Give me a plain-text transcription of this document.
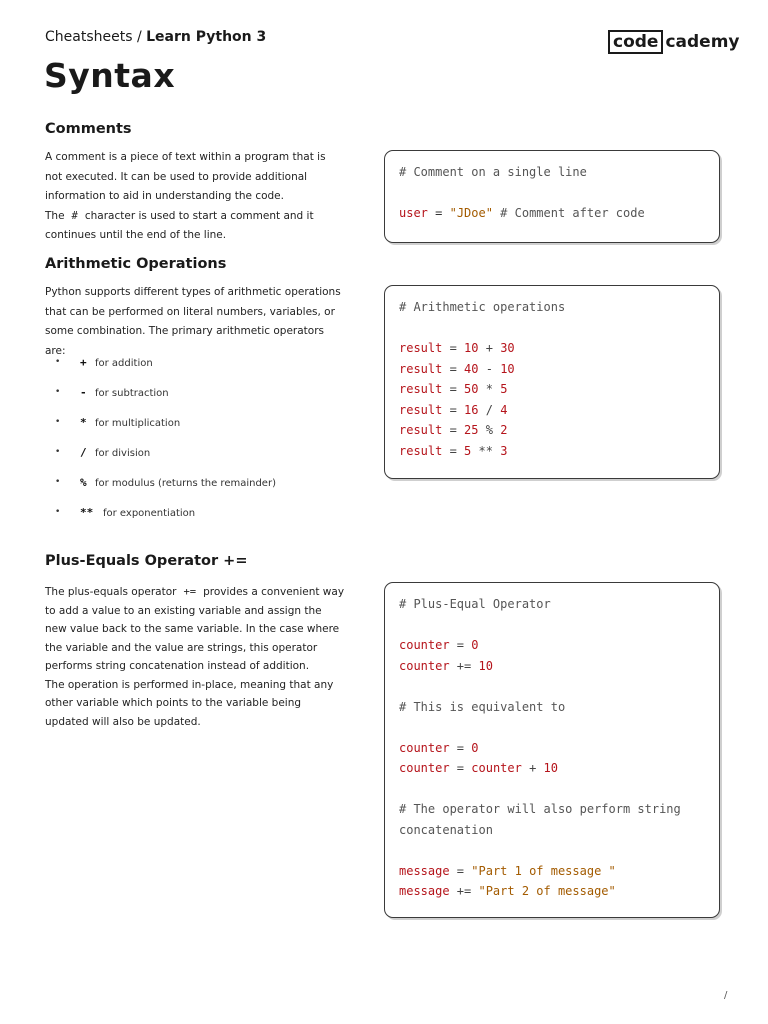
Cheatsheets / Learn Python 3	code cademy
Syntax
Comments

A comment is a piece of text within a program that is not executed. It can be used to provide additional information to aid in understanding the code.

The # character is used to start a comment and it continues until the end of the line.

# Comment on a single line
user = "JDoe" # Comment after code
Arithmetic Operations
Python supports different types of arithmetic operations that can be performed on literal numbers, variables, or some combination. The primary arithmetic operators are:
•	+ for addition
•	- for subtraction
•	* for multiplication
•	/ for division
•	% for modulus (returns the remainder)
•	** for exponentiation
# Arithmetic operations
result = 10 + 30
result = 40 - 10
result = 50 * 5
result = 16 / 4
result = 25 % 2
result = 5 ** 3
Plus-Equals Operator +=

The plus-equals operator += provides a convenient way to add a value to an existing variable and assign the new value back to the same variable. In the case where the variable and the value are strings, this operator performs string concatenation instead of addition.

The operation is performed in-place, meaning that any other variable which points to the variable being updated will also be updated.

# Plus-Equal Operator
counter = 0
counter += 10
# This is equivalent to
counter = 0
counter = counter + 10
# The operator will also perform string
concatenation
message = "Part 1 of message "
message += "Part 2 of message"
/
